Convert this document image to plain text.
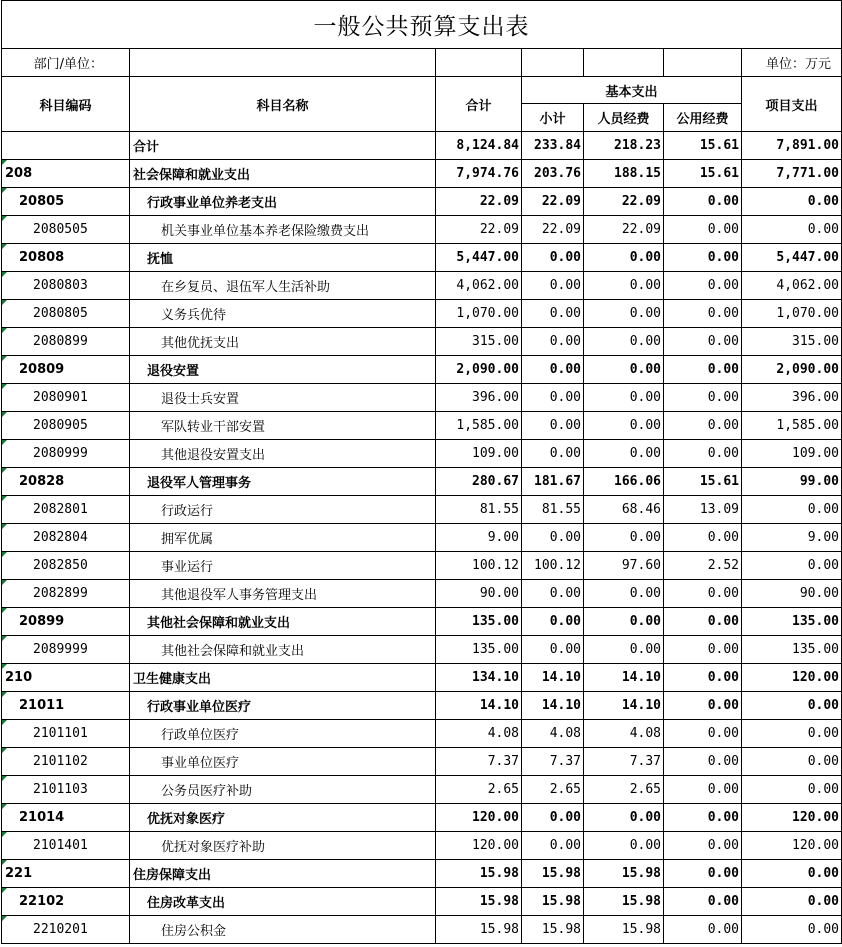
一般公共预算支出表						
部门/单位：						单位：万元
科目编码	科目名称	合计	基本支出			项目支出
			小计	人员经费	公用经费	
	合计	8,124.84	233.84	218.23	15.61	7,891.00
208	社会保障和就业支出	7,974.76	203.76	188.15	15.61	7,771.00
20805	行政事业单位养老支出	22.09	22.09	22.09	0.00	0.00
2080505	机关事业单位基本养老保险缴费支出	22.09	22.09	22.09	0.00	0.00
20808	抚恤	5,447.00	0.00	0.00	0.00	5,447.00
2080803	在乡复员、退伍军人生活补助	4,062.00	0.00	0.00	0.00	4,062.00
2080805	义务兵优待	1,070.00	0.00	0.00	0.00	1,070.00
2080899	其他优抚支出	315.00	0.00	0.00	0.00	315.00
20809	退役安置	2,090.00	0.00	0.00	0.00	2,090.00
2080901	退役士兵安置	396.00	0.00	0.00	0.00	396.00
2080905	军队转业干部安置	1,585.00	0.00	0.00	0.00	1,585.00
2080999	其他退役安置支出	109.00	0.00	0.00	0.00	109.00
20828	退役军人管理事务	280.67	181.67	166.06	15.61	99.00
2082801	行政运行	81.55	81.55	68.46	13.09	0.00
2082804	拥军优属	9.00	0.00	0.00	0.00	9.00
2082850	事业运行	100.12	100.12	97.60	2.52	0.00
2082899	其他退役军人事务管理支出	90.00	0.00	0.00	0.00	90.00
20899	其他社会保障和就业支出	135.00	0.00	0.00	0.00	135.00
2089999	其他社会保障和就业支出	135.00	0.00	0.00	0.00	135.00
210	卫生健康支出	134.10	14.10	14.10	0.00	120.00
21011	行政事业单位医疗	14.10	14.10	14.10	0.00	0.00
2101101	行政单位医疗	4.08	4.08	4.08	0.00	0.00
2101102	事业单位医疗	7.37	7.37	7.37	0.00	0.00
2101103	公务员医疗补助	2.65	2.65	2.65	0.00	0.00
21014	优抚对象医疗	120.00	0.00	0.00	0.00	120.00
2101401	优抚对象医疗补助	120.00	0.00	0.00	0.00	120.00
221	住房保障支出	15.98	15.98	15.98	0.00	0.00
22102	住房改革支出	15.98	15.98	15.98	0.00	0.00
2210201	住房公积金	15.98	15.98	15.98	0.00	0.00
